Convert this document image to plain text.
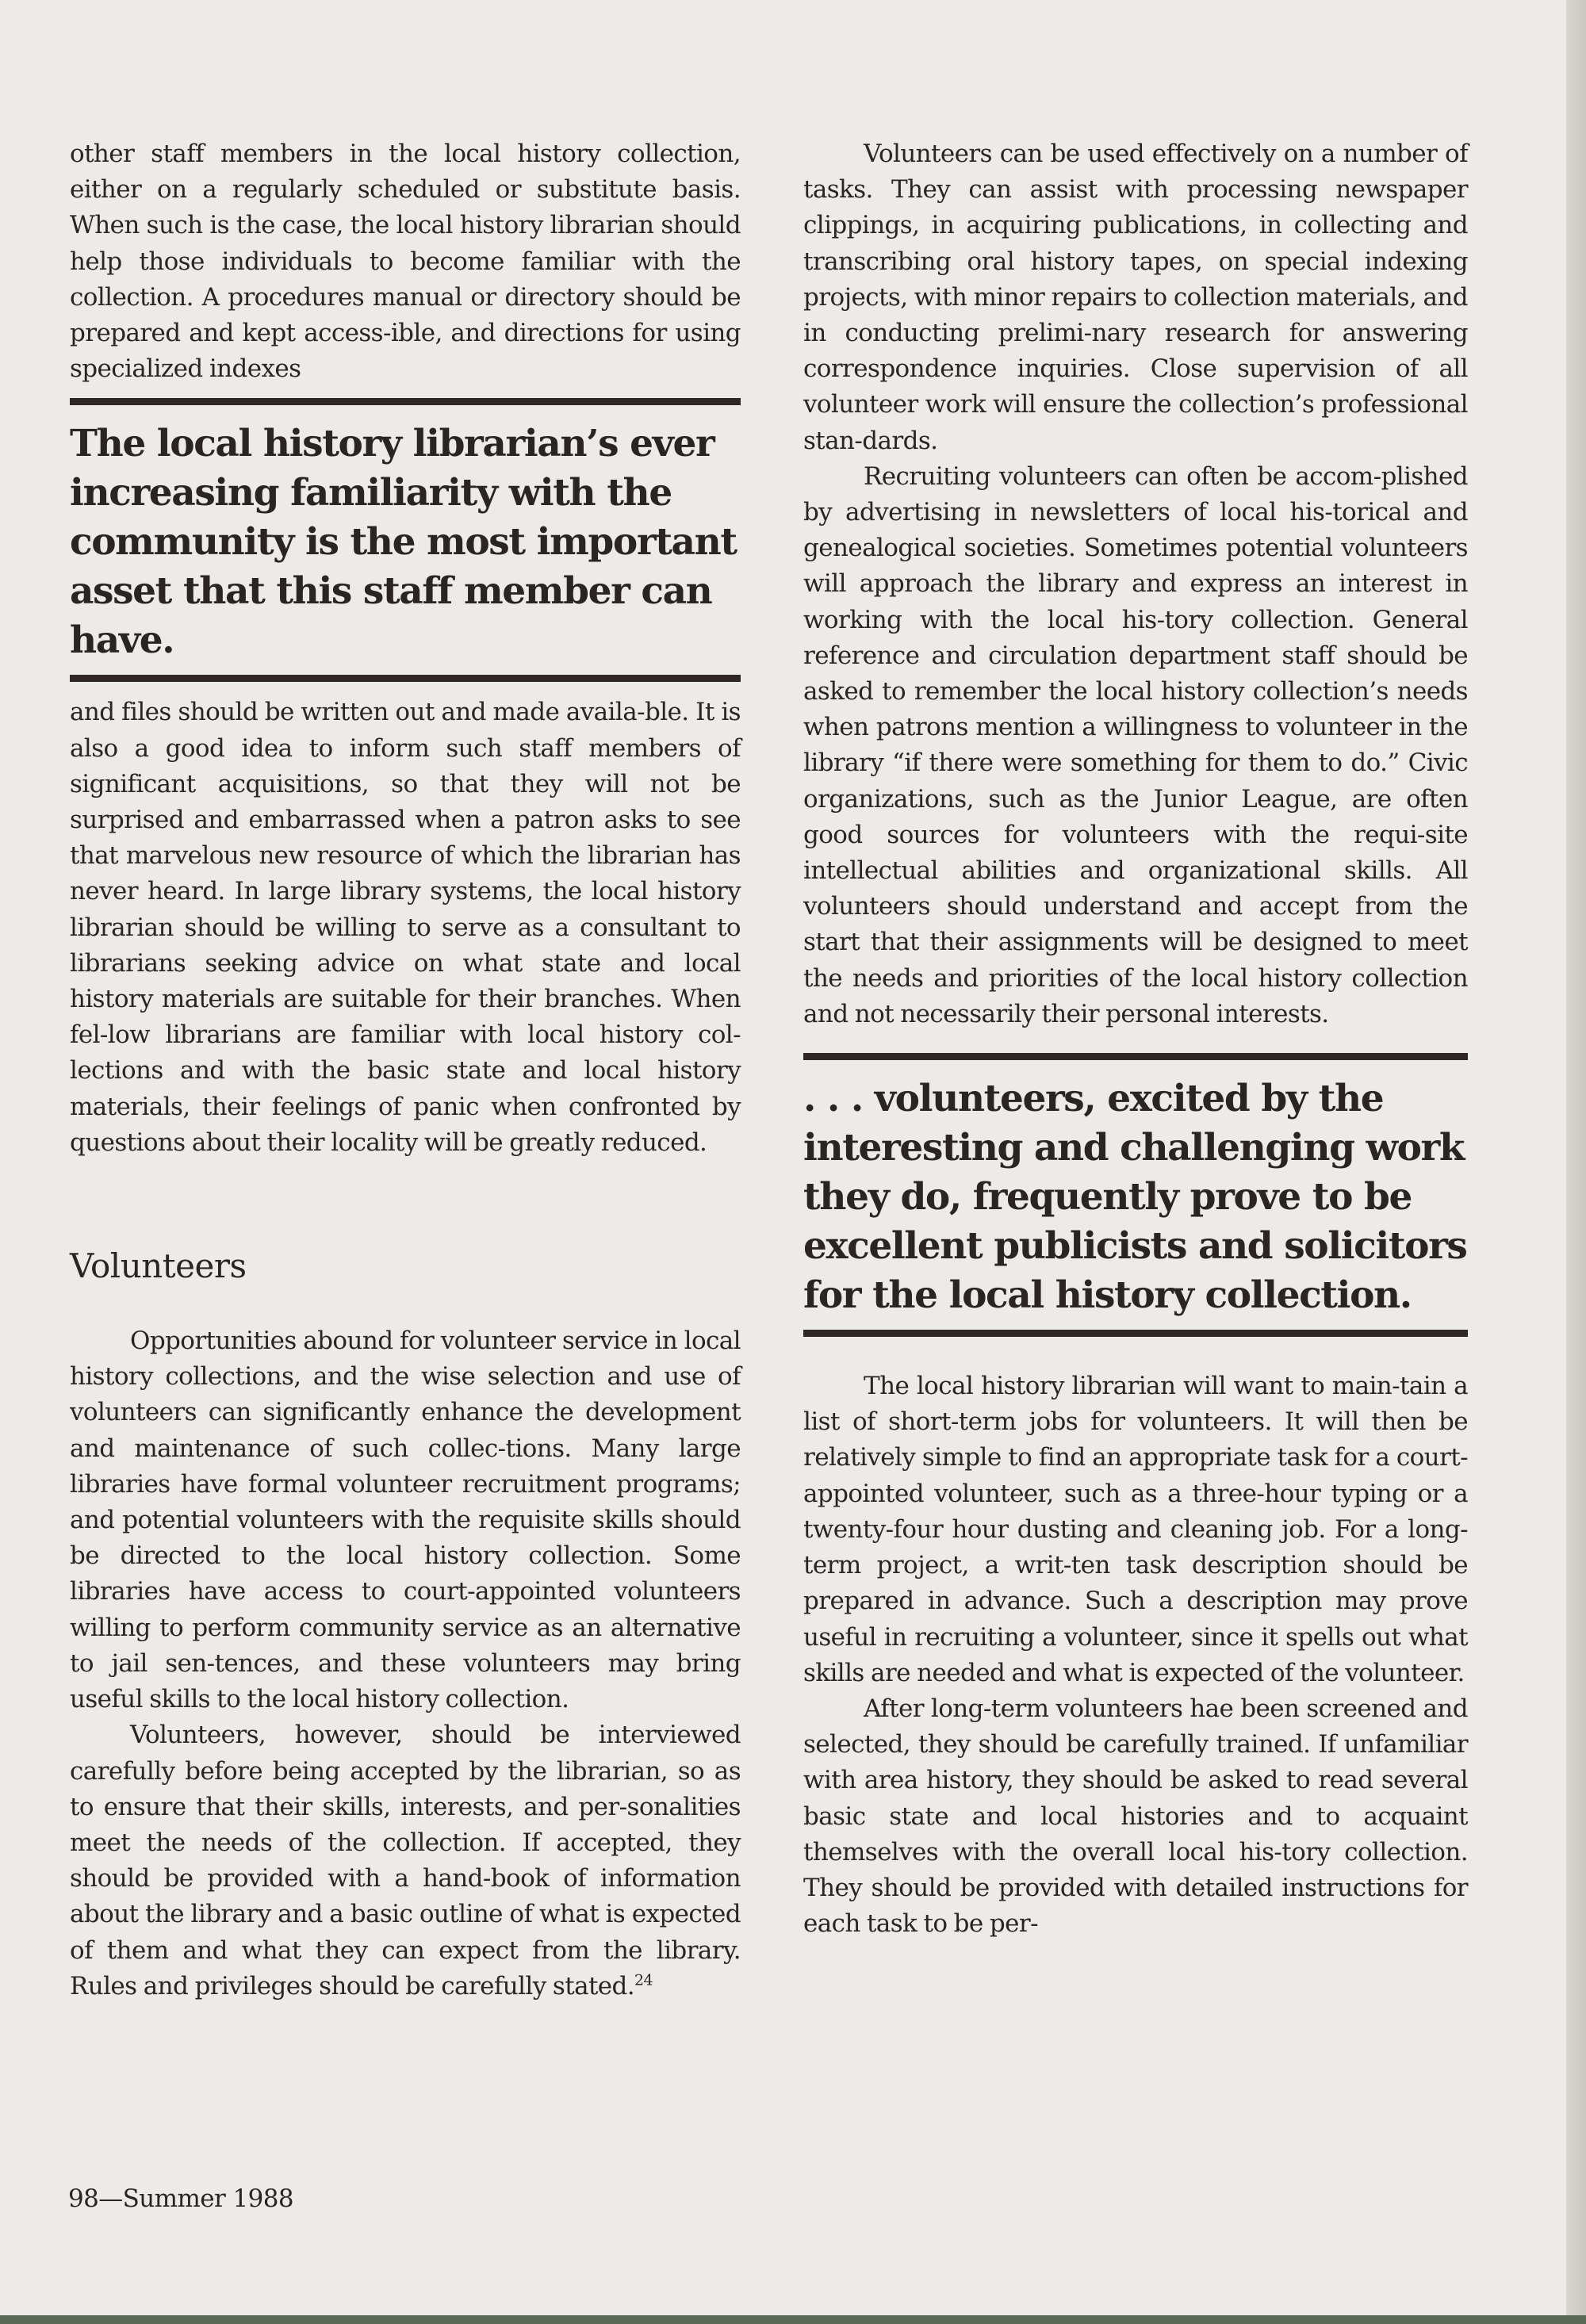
other staff members in the local history collection, either on a regularly scheduled or substitute basis. When such is the case, the local history librarian should help those individuals to become familiar with the collection. A procedures manual or directory should be prepared and kept access-ible, and directions for using specialized indexes

The local history librarian’s ever increasing familiarity with the community is the most important asset that this staff member can have.

and files should be written out and made availa-ble. It is also a good idea to inform such staff members of significant acquisitions, so that they will not be surprised and embarrassed when a patron asks to see that marvelous new resource of which the librarian has never heard. In large library systems, the local history librarian should be willing to serve as a consultant to librarians seeking advice on what state and local history materials are suitable for their branches. When fel-low librarians are familiar with local history col-lections and with the basic state and local history materials, their feelings of panic when confronted by questions about their locality will be greatly reduced.

Volunteers

Opportunities abound for volunteer service in local history collections, and the wise selection and use of volunteers can significantly enhance the development and maintenance of such collec-tions. Many large libraries have formal volunteer recruitment programs; and potential volunteers with the requisite skills should be directed to the local history collection. Some libraries have access to court-appointed volunteers willing to perform community service as an alternative to jail sen-tences, and these volunteers may bring useful skills to the local history collection.

Volunteers, however, should be interviewed carefully before being accepted by the librarian, so as to ensure that their skills, interests, and per-sonalities meet the needs of the collection. If accepted, they should be provided with a hand-book of information about the library and a basic outline of what is expected of them and what they can expect from the library. Rules and privileges should be carefully stated.$^{24}$

Volunteers can be used effectively on a number of tasks. They can assist with processing newspaper clippings, in acquiring publications, in collecting and transcribing oral history tapes, on special indexing projects, with minor repairs to collection materials, and in conducting prelimi-nary research for answering correspondence inquiries. Close supervision of all volunteer work will ensure the collection’s professional stan-dards.

Recruiting volunteers can often be accom-plished by advertising in newsletters of local his-torical and genealogical societies. Sometimes potential volunteers will approach the library and express an interest in working with the local his-tory collection. General reference and circulation department staff should be asked to remember the local history collection’s needs when patrons mention a willingness to volunteer in the library “if there were something for them to do.” Civic organizations, such as the Junior League, are often good sources for volunteers with the requi-site intellectual abilities and organizational skills. All volunteers should understand and accept from the start that their assignments will be designed to meet the needs and priorities of the local history collection and not necessarily their personal interests.

. . . volunteers, excited by the interesting and challenging work they do, frequently prove to be excellent publicists and solicitors for the local history collection.

The local history librarian will want to main-tain a list of short-term jobs for volunteers. It will then be relatively simple to find an appropriate task for a court-appointed volunteer, such as a three-hour typing or a twenty-four hour dusting and cleaning job. For a long-term project, a writ-ten task description should be prepared in advance. Such a description may prove useful in recruiting a volunteer, since it spells out what skills are needed and what is expected of the volunteer.

After long-term volunteers hae been screened and selected, they should be carefully trained. If unfamiliar with area history, they should be asked to read several basic state and local histories and to acquaint themselves with the overall local his-tory collection. They should be provided with detailed instructions for each task to be per-

98—Summer 1988
